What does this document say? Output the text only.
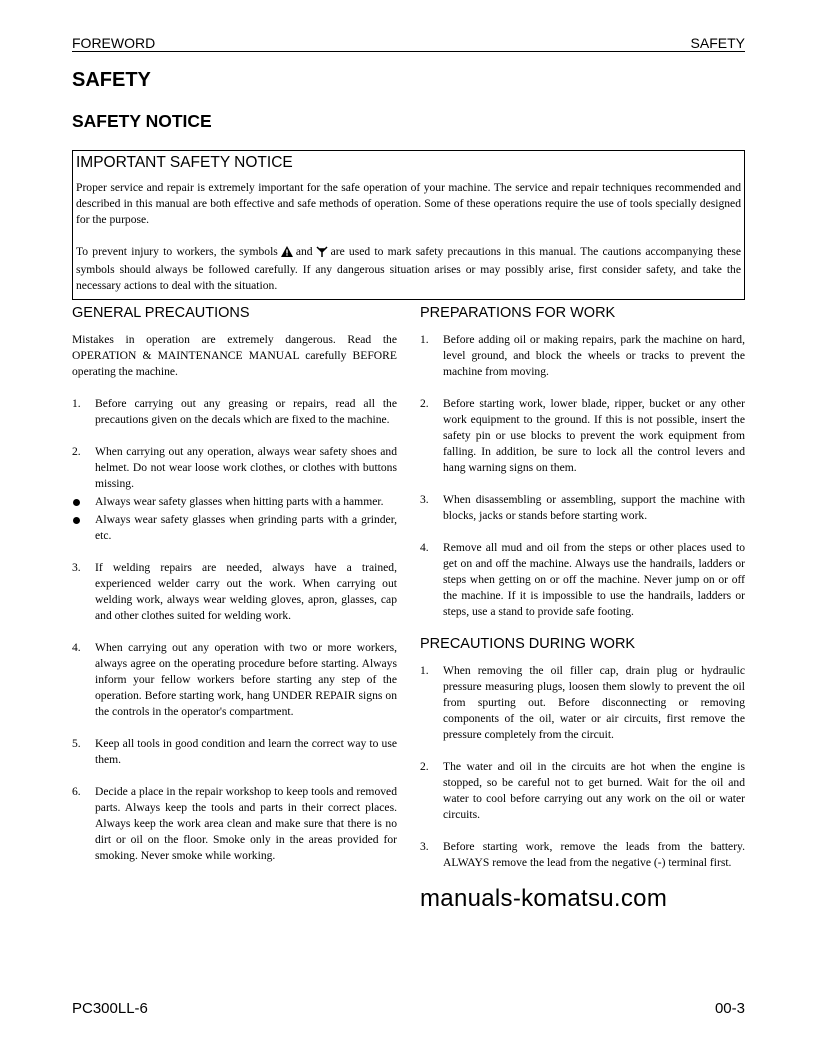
FOREWORD	SAFETY
SAFETY
SAFETY NOTICE
IMPORTANT SAFETY NOTICE

Proper service and repair is extremely important for the safe operation of your machine. The service and repair techniques recommended and described in this manual are both effective and safe methods of operation. Some of these operations require the use of tools specially designed for the purpose.

To prevent injury to workers, the symbols and are used to mark safety precautions in this manual. The cautions accompanying these symbols should always be followed carefully. If any dangerous situation arises or may possibly arise, first consider safety, and take the necessary actions to deal with the situation.

GENERAL PRECAUTIONS

Mistakes in operation are extremely dangerous. Read the OPERATION & MAINTENANCE MANUAL carefully BEFORE operating the machine.

1.	Before carrying out any greasing or repairs, read all the precautions given on the decals which are fixed to the machine.

2.	When carrying out any operation, always wear safety shoes and helmet. Do not wear loose work clothes, or clothes with buttons missing.

Always wear safety glasses when hitting parts with a hammer.

Always wear safety glasses when grinding parts with a grinder, etc.

3.	If welding repairs are needed, always have a trained, experienced welder carry out the work. When carrying out welding work, always wear welding gloves, apron, glasses, cap and other clothes suited for welding work.

4.	When carrying out any operation with two or more workers, always agree on the operating procedure before starting. Always inform your fellow workers before starting any step of the operation. Before starting work, hang UNDER REPAIR signs on the controls in the operator's compartment.

5.	Keep all tools in good condition and learn the correct way to use them.

6.	Decide a place in the repair workshop to keep tools and removed parts. Always keep the tools and parts in their correct places. Always keep the work area clean and make sure that there is no dirt or oil on the floor. Smoke only in the areas provided for smoking. Never smoke while working.

PREPARATIONS FOR WORK
1.	Before adding oil or making repairs, park the machine on hard, level ground, and block the wheels or tracks to prevent the machine from moving.

2.	Before starting work, lower blade, ripper, bucket or any other work equipment to the ground. If this is not possible, insert the safety pin or use blocks to prevent the work equipment from falling. In addition, be sure to lock all the control levers and hang warning signs on them.

3.	When disassembling or assembling, support the machine with blocks, jacks or stands before starting work.

4.	Remove all mud and oil from the steps or other places used to get on and off the machine. Always use the handrails, ladders or steps when getting on or off the machine. Never jump on or off the machine. If it is impossible to use the handrails, ladders or steps, use a stand to provide safe footing.

PRECAUTIONS DURING WORK
1.	When removing the oil filler cap, drain plug or hydraulic pressure measuring plugs, loosen them slowly to prevent the oil from spurting out. Before disconnecting or removing components of the oil, water or air circuits, first remove the pressure completely from the circuit.

2.	The water and oil in the circuits are hot when the engine is stopped, so be careful not to get burned. Wait for the oil and water to cool before carrying out any work on the oil or water circuits.

3.	Before starting work, remove the leads from the battery. ALWAYS remove the lead from the negative (-) terminal first.

manuals-komatsu.com
PC300LL-6	00-3
